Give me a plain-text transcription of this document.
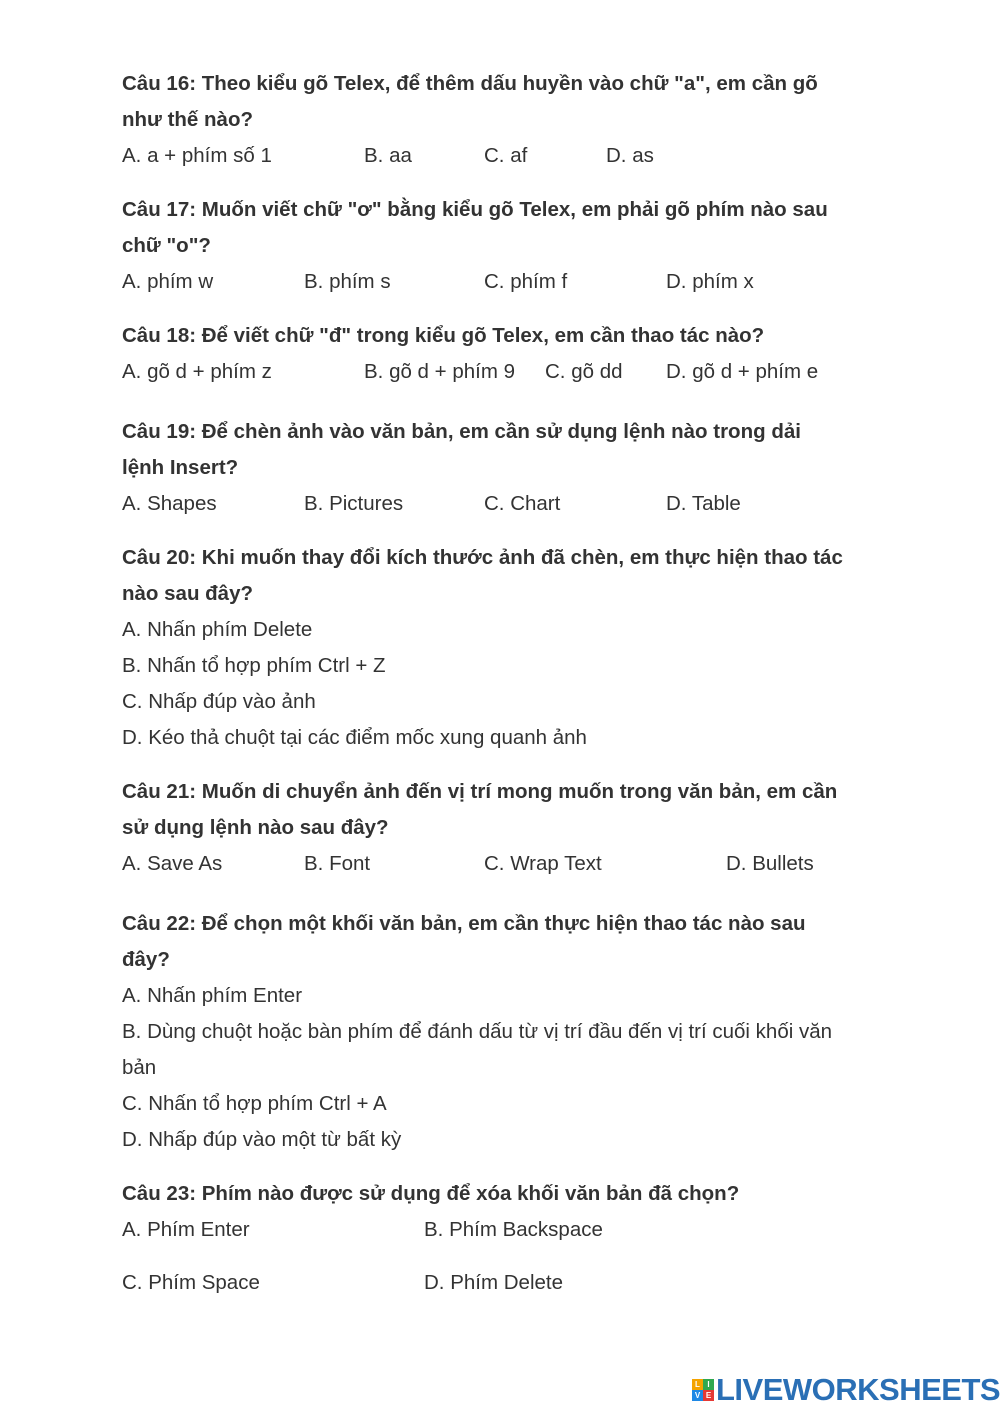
Câu 16: Theo kiểu gõ Telex, để thêm dấu huyền vào chữ "a", em cần gõ

như thế nào?

A. a + phím số 1	B. aa	C. af	D. as

Câu 17: Muốn viết chữ "ơ" bằng kiểu gõ Telex, em phải gõ phím nào sau

chữ "o"?

A. phím w	B. phím s	C. phím f	D. phím x

Câu 18: Để viết chữ "đ" trong kiểu gõ Telex, em cần thao tác nào?

A. gõ d + phím z	B. gõ d + phím 9 C. gõ dd D. gõ d + phím e

Câu 19: Để chèn ảnh vào văn bản, em cần sử dụng lệnh nào trong dải

lệnh Insert?

A. Shapes	B. Pictures	C. Chart	D. Table

Câu 20: Khi muốn thay đổi kích thước ảnh đã chèn, em thực hiện thao tác

nào sau đây?

A. Nhấn phím Delete

B. Nhấn tổ hợp phím Ctrl + Z

C. Nhấp đúp vào ảnh

D. Kéo thả chuột tại các điểm mốc xung quanh ảnh

Câu 21: Muốn di chuyển ảnh đến vị trí mong muốn trong văn bản, em cần

sử dụng lệnh nào sau đây?

A. Save As	B. Font	C. Wrap Text	D. Bullets

Câu 22: Để chọn một khối văn bản, em cần thực hiện thao tác nào sau

đây?

A. Nhấn phím Enter

B. Dùng chuột hoặc bàn phím để đánh dấu từ vị trí đầu đến vị trí cuối khối văn

bản

C. Nhấn tổ hợp phím Ctrl + A

D. Nhấp đúp vào một từ bất kỳ

Câu 23: Phím nào được sử dụng để xóa khối văn bản đã chọn?

A. Phím Enter	B. Phím Backspace
C. Phím Space	D. Phím Delete
L I
V E LIVEWORKSHEETS
